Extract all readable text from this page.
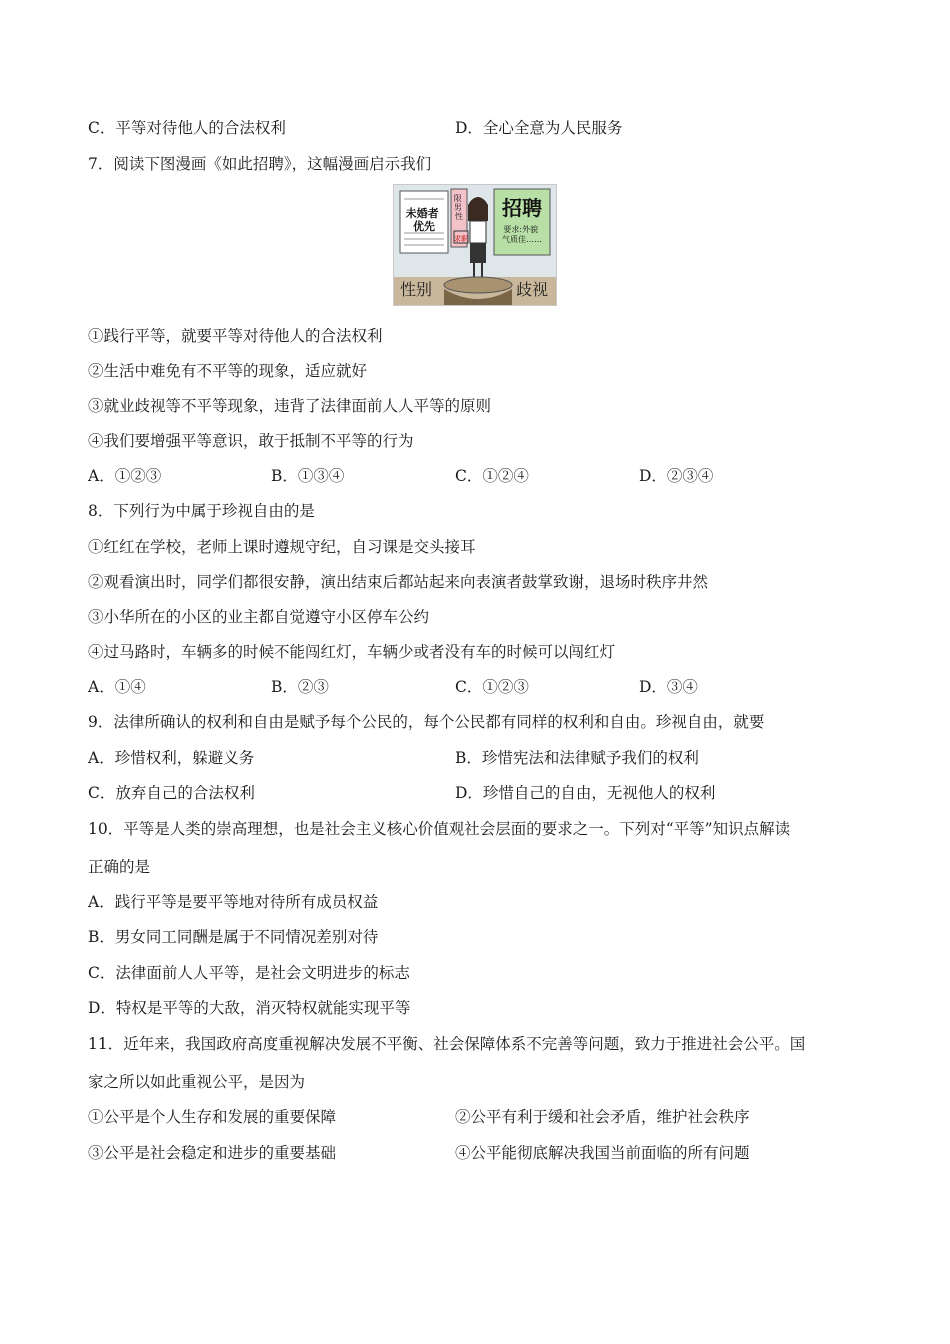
C．平等对待他人的合法权利	D．全心全意为人民服务
7．阅读下图漫画《如此招聘》，这幅漫画启示我们
未婚者 优先
限 男 性 招聘
要求:外貌 气质佳……
求职
性别	歧视
①践行平等，就要平等对待他人的合法权利
②生活中难免有不平等的现象，适应就好
③就业歧视等不平等现象，违背了法律面前人人平等的原则
④我们要增强平等意识，敢于抵制不平等的行为
A．①②③	B．①③④	C．①②④	D．②③④
8．下列行为中属于珍视自由的是
①红红在学校，老师上课时遵规守纪，自习课是交头接耳
②观看演出时，同学们都很安静，演出结束后都站起来向表演者鼓掌致谢，退场时秩序井然
③小华所在的小区的业主都自觉遵守小区停车公约
④过马路时，车辆多的时候不能闯红灯，车辆少或者没有车的时候可以闯红灯
A．①④	B．②③	C．①②③	D．③④
9．法律所确认的权利和自由是赋予每个公民的，每个公民都有同样的权利和自由。珍视自由，就要
A．珍惜权利，躲避义务	B．珍惜宪法和法律赋予我们的权利
C．放弃自己的合法权利	D．珍惜自己的自由，无视他人的权利
10．平等是人类的崇高理想，也是社会主义核心价值观社会层面的要求之一。下列对“平等”知识点解读
正确的是
A．践行平等是要平等地对待所有成员权益
B．男女同工同酬是属于不同情况差别对待
C．法律面前人人平等，是社会文明进步的标志
D．特权是平等的大敌，消灭特权就能实现平等
11．近年来，我国政府高度重视解决发展不平衡、社会保障体系不完善等问题，致力于推进社会公平。国
家之所以如此重视公平，是因为
①公平是个人生存和发展的重要保障	②公平有利于缓和社会矛盾，维护社会秩序
③公平是社会稳定和进步的重要基础	④公平能彻底解决我国当前面临的所有问题
